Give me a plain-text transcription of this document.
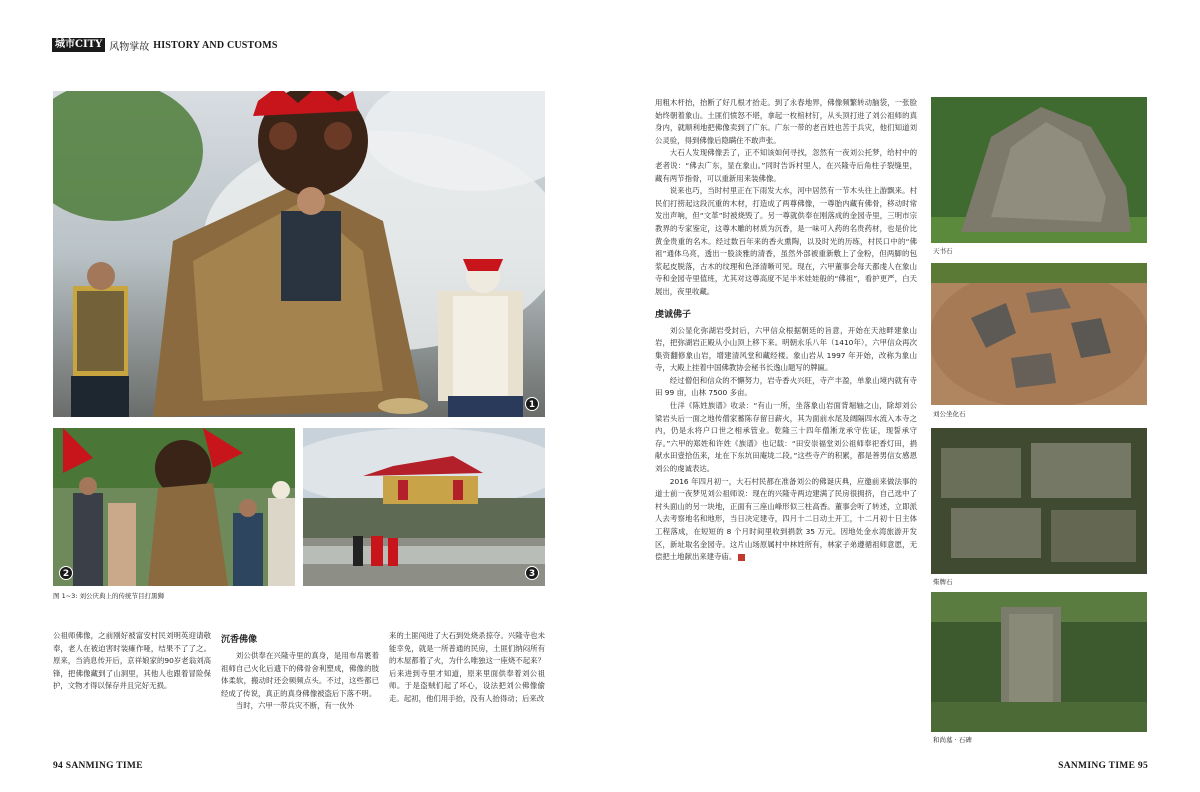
城市CITY 风物掌故 HISTORY AND CUSTOMS
1
2	3
图 1~3: 刘公庆典上的传统节目打黑狮
天书石
刘公坐化石
柴牌石
和尚墓 · 石碑

公祖师佛像，之前刚好被富安村民刘明英迎请敬奉，老人在被迫害时装瘫作哑，结果不了了之。原来，当消息传开后，京祥娘家的90岁老翁刘高锋，把佛像藏到了山洞里，其他人也跟着冒险保护，文物才得以保存并且完好无损。

沉香佛像

刘公供奉在兴隆寺里的真身，是用布帛裹着祖师自己火化后遗下的佛骨舍利塑成，佛像的肢体柔软，搬动时还会频频点头。不过，这些都已经成了传说，真正的真身佛像被盗后下落不明。

当时，六甲一带兵灾不断，有一伙外

来的土匪闯进了大石到处烧杀掠夺。兴隆寺也未能幸免，就是一所普通的民房，土匪们纳闷所有的木屋都着了火，为什么唯独这一座烧不起来？后来进到寺里才知道，原来里面供奉着刘公祖师。于是盗贼们起了坏心，设法把刘公佛像偷走。起初，他们用手抬，没有人抬得动；后来改

用粗木杆抬，抬断了好几根才抬走。到了永春地界，佛像频繁转动脑袋，一张脸始终朝着象山。土匪们愤怒不堪，拿起一枚棺材钉，从头顶打进了刘公祖师的真身内，就顺利地把佛像卖到了广东。广东一带的老百姓也苦于兵灾，他们知道刘公灵验，得到佛像后隐瞒住不敢声张。

大石人发现佛像丢了，正不知该如何寻找，忽然有一夜刘公托梦，给村中的老者说：“佛去广东，显在象山。”同时告诉村里人，在兴隆寺后角柱子裂缝里，藏有两节指骨，可以重新用来装佛像。

说来也巧，当时村里正在下雨发大水，河中居然有一节木头往上游飘来。村民们打捞起这段沉重的木材，打造成了两尊佛像，一尊胎内藏有佛骨，移动时常发出声响，但“文革”时被烧毁了。另一尊就供奉在刚落成的金园寺里，三明市宗教界的专家鉴定，这尊木雕的材质为沉香，是一味可入药的名贵药材，也是价比黄金贵重的名木。经过数百年来的香火熏陶，以及时光的历练，村民口中的“佛祖”通体乌亮，透出一股淡雅的清香，虽然外部被重新敷上了金粉，但两脚的包浆起皮脱落，古木的纹理和色泽清晰可见。现在，六甲董事会每天都虔人在象山寺和金园寺里值班，尤其对这尊高度不足半米娃娃般的“佛祖”，看护更严，白天展出，夜里收藏。

虔诚佛子

刘公显化弥湖岩受封后，六甲信众根据朝廷的旨意，开始在天池畔建象山岩，把弥湖岩正殿从小山顶上移下来。明朝永乐八年（1410年），六甲信众再次集资翻修象山岩，增建清风堂和藏经楼。象山岩从 1997 年开始，改称为象山寺，大殿上挂着中国佛教协会秘书长逸山题写的牌匾。

经过僧侣和信众的不懈努力，岩寺香火兴旺，寺产丰盈，单象山境内就有寺田 99 亩，山林 7500 多亩。

仕洋《陈姓族谱》收录：“有山一所，坐落象山岩面背堀轴之山，除却刘公梁岩头后一面之地传僧家蓄陈存留日薪火，其为面前水尾及阔隔四水流入本寺之内，仍是永将户口世之相承管业。乾隆三十四年僧淅龙承守佐证，现誓承守存。”六甲的郑姓和许姓《族谱》也记载：“田安崇福堂刘公祖师奉祀香灯田，捐献水田壹拾伍来，址在下东坑田庵垅二段。”这些寺产的积累，都是善男信女感恩刘公的虔诚表达。

2016 年四月初一，大石村民都在准备刘公的佛诞庆典，应邀前来做法事的道士前一夜梦见刘公祖师说：现在的兴隆寺两边建满了民房很拥挤，自己选中了村头面山的另一块地，正面有三座山峰形似三柱高香。董事会听了转述，立即派人去考察地名和地形，当日决定建寺，四月十二日动土开工，十二月初十日主体工程落成，在短短的 8 个月时间里收到捐款 35 万元。因地处金水湾旅游开发区，新址取名金园寺。这片山场原属村中林姓所有，林家子弟遵循祖师意愿，无偿把土地献出来建寺庙。

94 SANMING TIME	SANMING TIME 95
